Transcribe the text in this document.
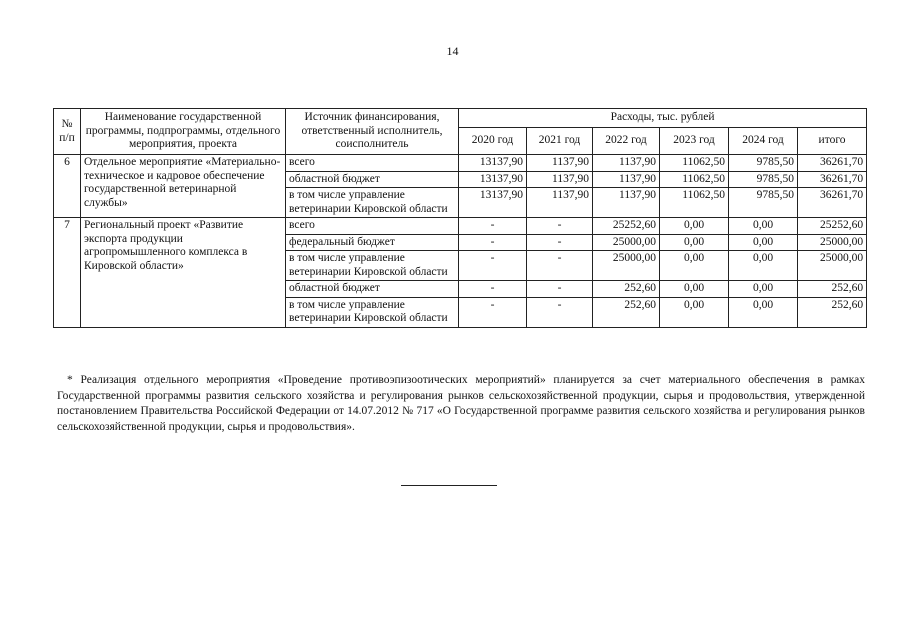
14
№ п/п	Наименование государственной программы, подпрограммы, отдельного мероприятия, проекта	Источник финансирования, ответственный исполнитель, соисполнитель	Расходы, тыс. рублей					
			2020 год	2021 год	2022 год	2023 год	2024 год	итого
6	Отдельное мероприятие «Материально-техническое и кадровое обеспечение государственной ветеринарной службы»	всего	13137,90	1137,90	1137,90	11062,50	9785,50	36261,70
		областной бюджет	13137,90	1137,90	1137,90	11062,50	9785,50	36261,70
		в том числе управление ветеринарии Кировской области	13137,90	1137,90	1137,90	11062,50	9785,50	36261,70
7	Региональный проект «Развитие экспорта продукции агропромышленного комплекса в Кировской области»	всего	-	-	25252,60	0,00	0,00	25252,60
		федеральный бюджет	-	-	25000,00	0,00	0,00	25000,00
		в том числе управление ветеринарии Кировской области	-	-	25000,00	0,00	0,00	25000,00
		областной бюджет	-	-	252,60	0,00	0,00	252,60
		в том числе управление ветеринарии Кировской области	-	-	252,60	0,00	0,00	252,60
* Реализация отдельного мероприятия «Проведение противоэпизоотических мероприятий» планируется за счет материального обеспечения в рамках Государственной программы развития сельского хозяйства и регулирования рынков сельскохозяйственной продукции, сырья и продовольствия, утвержденной постановлением Правительства Российской Федерации от 14.07.2012 № 717 «О Государственной программе развития сельского хозяйства и регулирования рынков сельскохозяйственной продукции, сырья и продовольствия».
